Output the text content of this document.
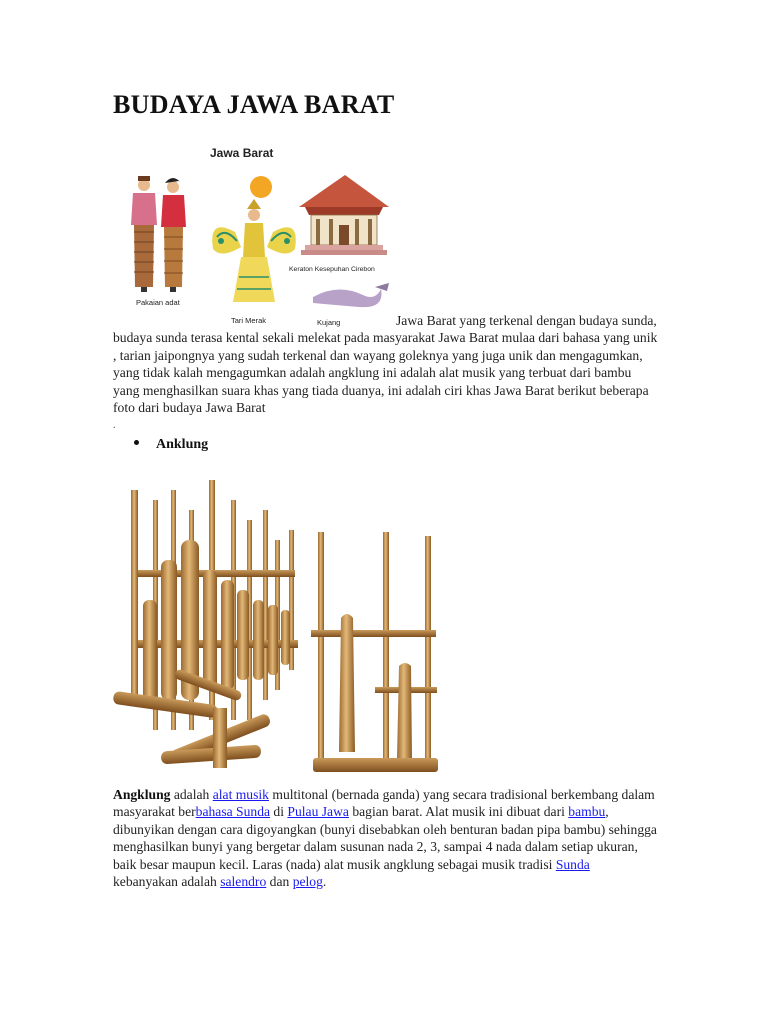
BUDAYA JAWA BARAT
Jawa Barat
Pakaian adat
Tari Merak
Keraton Kesepuhan Cirebon
Kujang	Jawa Barat yang terkenal dengan budaya sunda, budaya sunda terasa kental sekali melekat pada masyarakat Jawa Barat mulaa dari bahasa yang unik , tarian jaipongnya yang sudah terkenal dan wayang goleknya yang juga unik dan mengagumkan, yang tidak kalah mengagumkan adalah angklung ini adalah alat musik yang terbuat dari bambu yang menghasilkan suara khas yang tiada duanya, ini adalah ciri khas Jawa Barat berikut beberapa foto dari budaya Jawa Barat

.
Anklung

Angklung adalah alat musik multitonal (bernada ganda) yang secara tradisional berkembang dalam masyarakat berbahasa Sunda di Pulau Jawa bagian barat. Alat musik ini dibuat dari bambu, dibunyikan dengan cara digoyangkan (bunyi disebabkan oleh benturan badan pipa bambu) sehingga menghasilkan bunyi yang bergetar dalam susunan nada 2, 3, sampai 4 nada dalam setiap ukuran, baik besar maupun kecil. Laras (nada) alat musik angklung sebagai musik tradisi Sunda kebanyakan adalah salendro dan pelog.
